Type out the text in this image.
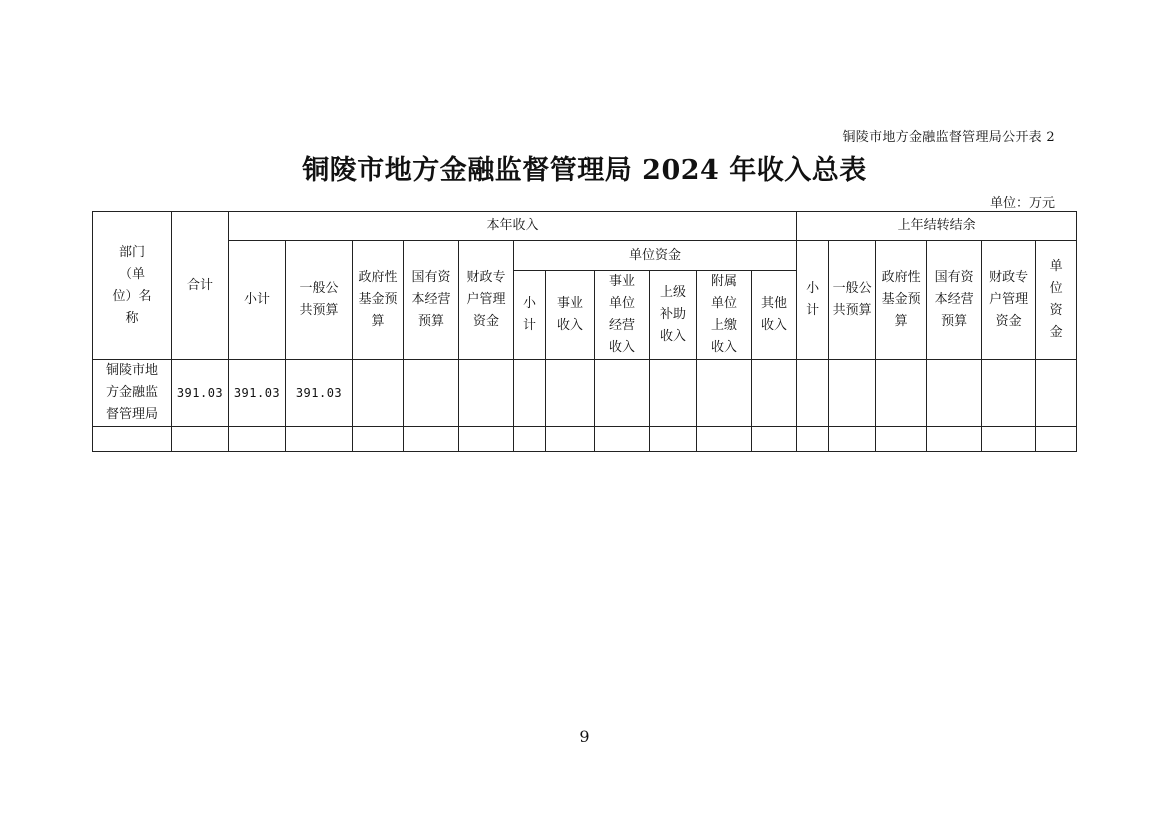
铜陵市地方金融监督管理局公开表 2
铜陵市地方金融监督管理局 2024 年收入总表
单位：万元
部门（单位）名称	合计	本年收入											上年结转结余					
		小计	一般公共预算	政府性基金预算	国有资本经营预算	财政专户管理资金	单位资金						小计	一般公共预算	政府性基金预算	国有资本经营预算	财政专户管理资金	单位资金
							小计	事业收入	事业单位经营收入	上级补助收入	附属单位上缴收入	其他收入						
铜陵市地方金融监督管理局	391.03	391.03	391.03															

9
